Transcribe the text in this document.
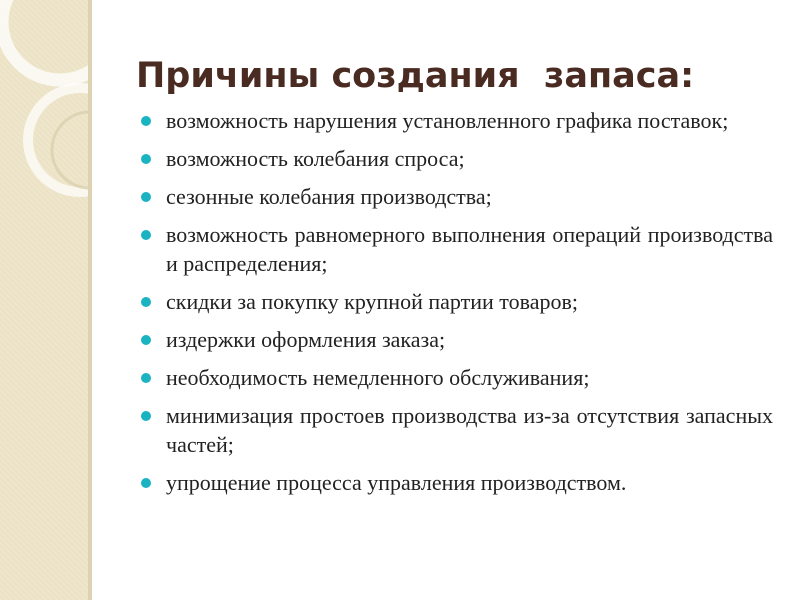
Причины создания  запаса:
возможность нарушения установленного графика поставок;
возможность колебания спроса;
сезонные колебания производства;
возможность равномерного выполнения операций производства и распределения;
скидки за покупку крупной партии товаров;
издержки оформления заказа;
необходимость немедленного обслуживания;
минимизация простоев производства из-за отсутствия запасных частей;
упрощение процесса управления производством.
